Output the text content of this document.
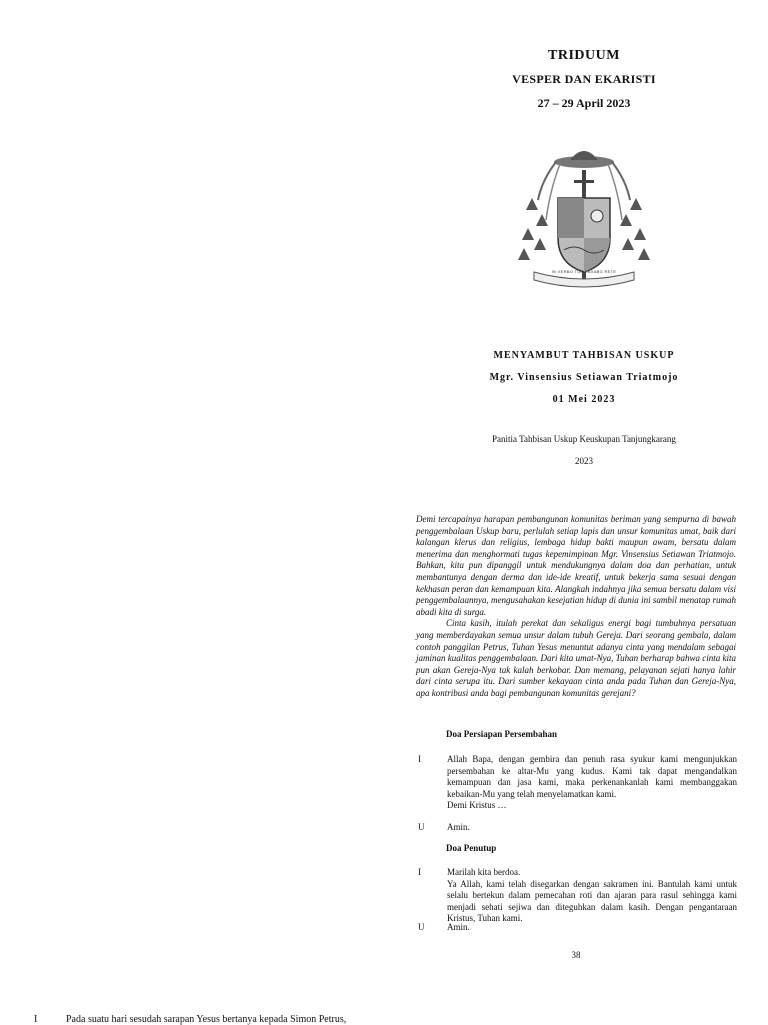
TRIDUUM
VESPER DAN EKARISTI
27 – 29 April 2023
IN VERBO TUO LAXABO RETE
MENYAMBUT TAHBISAN USKUP
Mgr. Vinsensius Setiawan Triatmojo
01 Mei 2023
Panitia Tahbisan Uskup Keuskupan Tanjungkarang
2023

Demi tercapainya harapan pembangunan komunitas beriman yang sempurna di bawah penggembalaan Uskup baru, perlulah setiap lapis dan unsur komunitas umat, baik dari kalangan klerus dan religius, lembaga hidup bakti maupun awam, bersatu dalam menerima dan menghormati tugas kepemimpinan Mgr. Vinsensius Setiawan Triatmojo. Bahkan, kita pun dipanggil untuk mendukungnya dalam doa dan perhatian, untuk membantunya dengan derma dan ide-ide kreatif, untuk bekerja sama sesuai dengan kekhasan peran dan kemampuan kita. Alangkah indahnya jika semua bersatu dalam visi penggembalaannya, mengusahakan kesejatian hidup di dunia ini sambil menatap rumah abadi kita di surga.

Cinta kasih, itulah perekat dan sekaligus energi bagi tumbuhnya persatuan yang memberdayakan semua unsur dalam tubuh Gereja. Dari seorang gembala, dalam contoh panggilan Petrus, Tuhan Yesus menuntut adanya cinta yang mendalam sebagai jaminan kualitas penggembalaan. Dari kita umat-Nya, Tuhan berharap bahwa cinta kita pun akan Gereja-Nya tak kalah berkobar. Dan memang, pelayanan sejati hanya lahir dari cinta serupa itu. Dari sumber kekayaan cinta anda pada Tuhan dan Gereja-Nya, apa kontribusi anda bagi pembangunan komunitas gerejani?

Doa Persiapan Persembahan
I	Allah Bapa, dengan gembira dan penuh rasa syukur kami mengunjukkan persembahan ke altar-Mu yang kudus. Kami tak dapat mengandalkan kemampuan dan jasa kami, maka perkenankanlah kami membanggakan kebaikan-Mu yang telah menyelamatkan kami.
Demi Kristus …
U	Amin.
Doa Penutup
I	Marilah kita berdoa.
Ya Allah, kami telah disegarkan dengan sakramen ini. Bantulah kami untuk selalu bertekun dalam pemecahan roti dan ajaran para rasul sehingga kami menjadi sehati sejiwa dan diteguhkan dalam kasih. Dengan pengantaraan Kristus, Tuhan kami.
U	Amin.
38
I	Pada suatu hari sesudah sarapan Yesus bertanya kepada Simon Petrus,
